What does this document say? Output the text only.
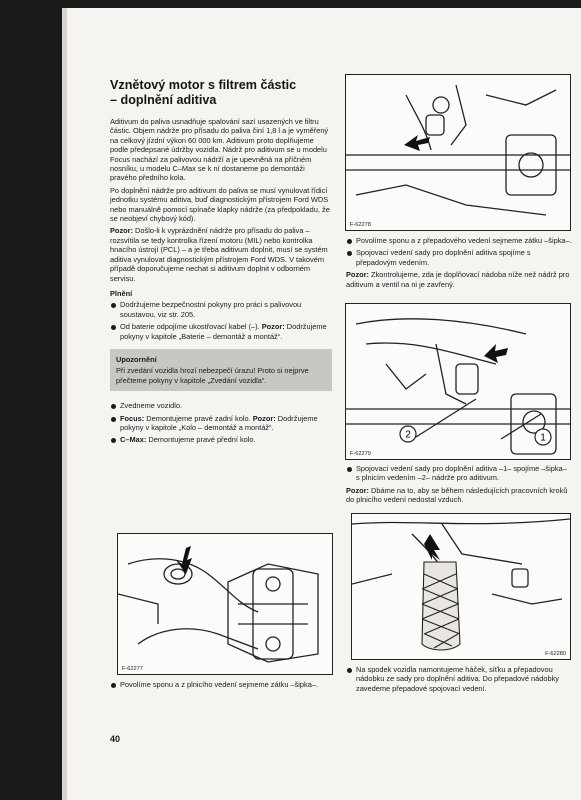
Vznětový motor s filtrem částic
– doplnění aditiva

Aditivum do paliva usnadňuje spalování sazí usazených ve filtru částic. Objem nádrže pro přísadu do paliva činí 1,8 l a je vyměřený na celkový jízdní výkon 60 000 km. Aditivum proto doplňujeme podle předepsané údržby vozidla. Nádrž pro aditivum se u modelu Focus nachází za palivovou nádrží a je upevněná na příčném nosníku, u modelu C–Max se k ní dostaneme po demontáži pravého předního kola.

Po doplnění nádrže pro aditivum do paliva se musí vynulovat řídicí jednotku systému aditiva, buď diagnostickým přístrojem Ford WDS nebo manuálně pomocí spínače klapky nádrže (za předpokladu, že se neobjeví chybový kód).

Pozor: Došlo-li k vyprázdnění nádrže pro přísadu do paliva – rozsvítila se tedy kontrolka řízení motoru (MIL) nebo kontrolka hnacího ústrojí (PCL) – a je třeba aditivum doplnit, musí se systém aditiva vynulovat diagnostickým přístrojem Ford WDS. V takovém případě doporučujeme nechat si aditivum doplnit v odborném servisu.

Plnění
Dodržujeme bezpečnostní pokyny pro práci s palivovou soustavou, viz str. 205.
Od baterie odpojíme ukostřovací kabel (–). Pozor: Dodržujeme pokyny v kapitole „Baterie – demontáž a montáž“.
Upozornění
Při zvedání vozidla hrozí nebezpečí úrazu! Proto si nejprve přečteme pokyny v kapitole „Zvedání vozidla“.
Zvedneme vozidlo.
Focus: Demontujeme pravé zadní kolo. Pozor: Dodržujeme pokyny v kapitole „Kolo – demontáž a montáž“.
C–Max: Demontujeme pravé přední kolo.
F-62277
Povolíme sponu a z plnicího vedení sejmeme zátku –šipka–.
F-62278
Povolíme sponu a z přepadového vedení sejmeme zátku –šipka–.
Spojovací vedení sady pro doplnění aditiva spojíme s přepadovým vedením.

Pozor: Zkontrolujeme, zda je doplňovací nádoba níže než nádrž pro aditivum a ventil na ni je zavřený.

1
2
F-62279
Spojovací vedení sady pro doplnění aditiva –1– spojíme –šipka– s plnicím vedením –2– nádrže pro aditivum.

Pozor: Dbáme na to, aby se během následujících pracovních kroků do plnicího vedení nedostal vzduch.

F-62280
Na spodek vozidla namontujeme háček, síťku a přepadovou nádobku ze sady pro doplnění aditiva. Do přepadové nádobky zavedeme přepadové spojovací vedení.
40
